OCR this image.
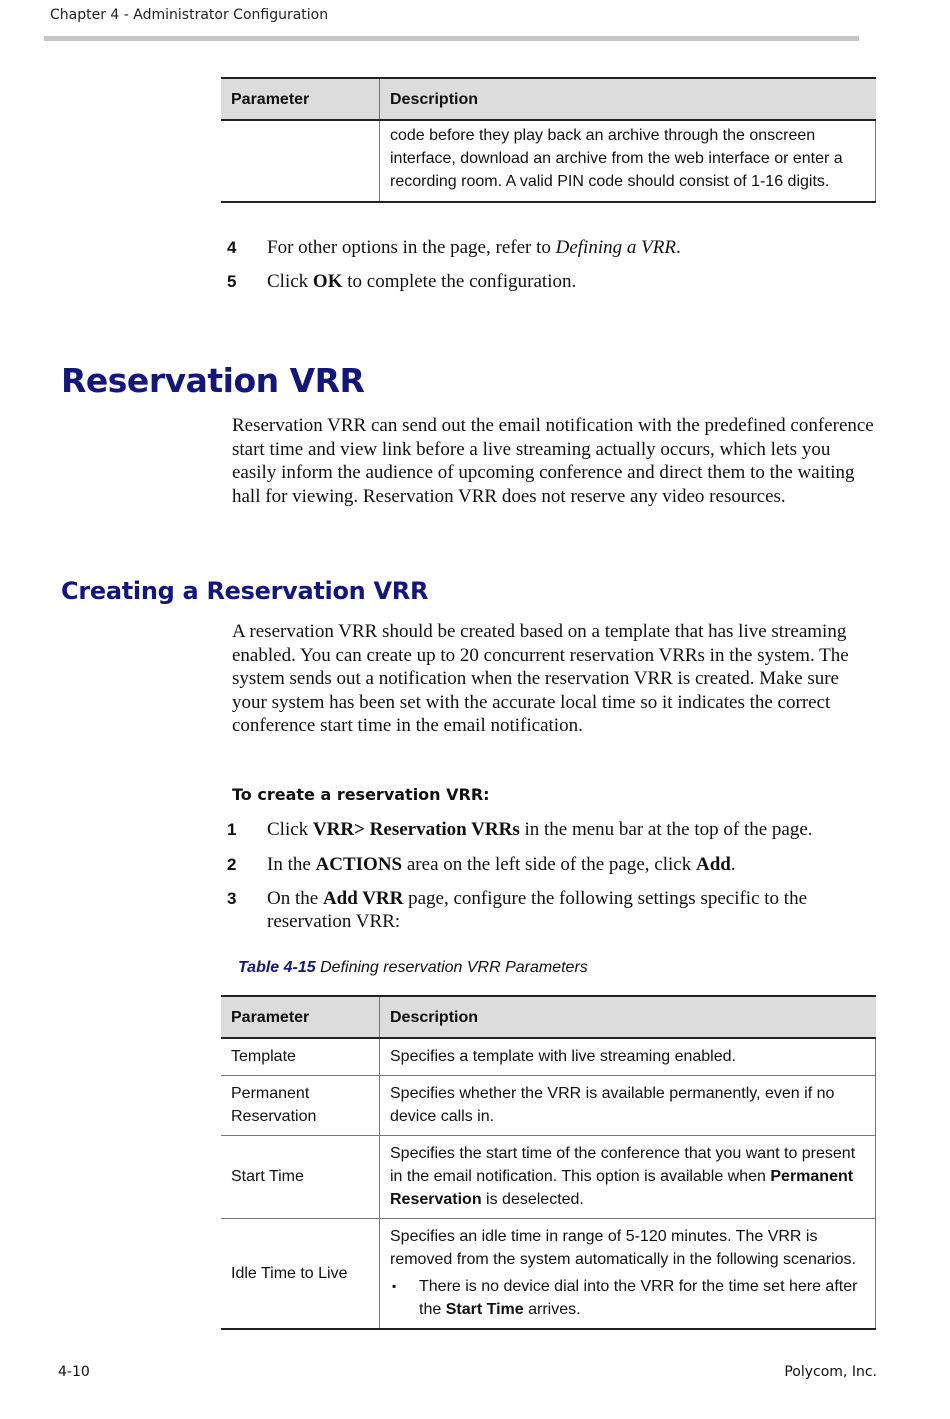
Chapter 4 - Administrator Configuration
Parameter	Description
	code before they play back an archive through the onscreen interface, download an archive from the web interface or enter a recording room. A valid PIN code should consist of 1-16 digits.
4	For other options in the page, refer to Defining a VRR.
5	Click OK to complete the configuration.
Reservation VRR

Reservation VRR can send out the email notification with the predefined conference start time and view link before a live streaming actually occurs, which lets you easily inform the audience of upcoming conference and direct them to the waiting hall for viewing. Reservation VRR does not reserve any video resources.

Creating a Reservation VRR

A reservation VRR should be created based on a template that has live streaming enabled. You can create up to 20 concurrent reservation VRRs in the system. The system sends out a notification when the reservation VRR is created. Make sure your system has been set with the accurate local time so it indicates the correct conference start time in the email notification.

To create a reservation VRR:
1	Click VRR> Reservation VRRs in the menu bar at the top of the page.
2	In the ACTIONS area on the left side of the page, click Add.
3	On the Add VRR page, configure the following settings specific to the reservation VRR:
Table 4-15 Defining reservation VRR Parameters
Parameter	Description
Template	Specifies a template with live streaming enabled.
Permanent Reservation	Specifies whether the VRR is available permanently, even if no device calls in.
Start Time	Specifies the start time of the conference that you want to present in the email notification. This option is available when Permanent Reservation is deselected.
Idle Time to Live	Specifies an idle time in range of 5-120 minutes. The VRR is removed from the system automatically in the following scenarios.
▪ There is no device dial into the VRR for the time set here after the Start Time arrives.
4-10	Polycom, Inc.
